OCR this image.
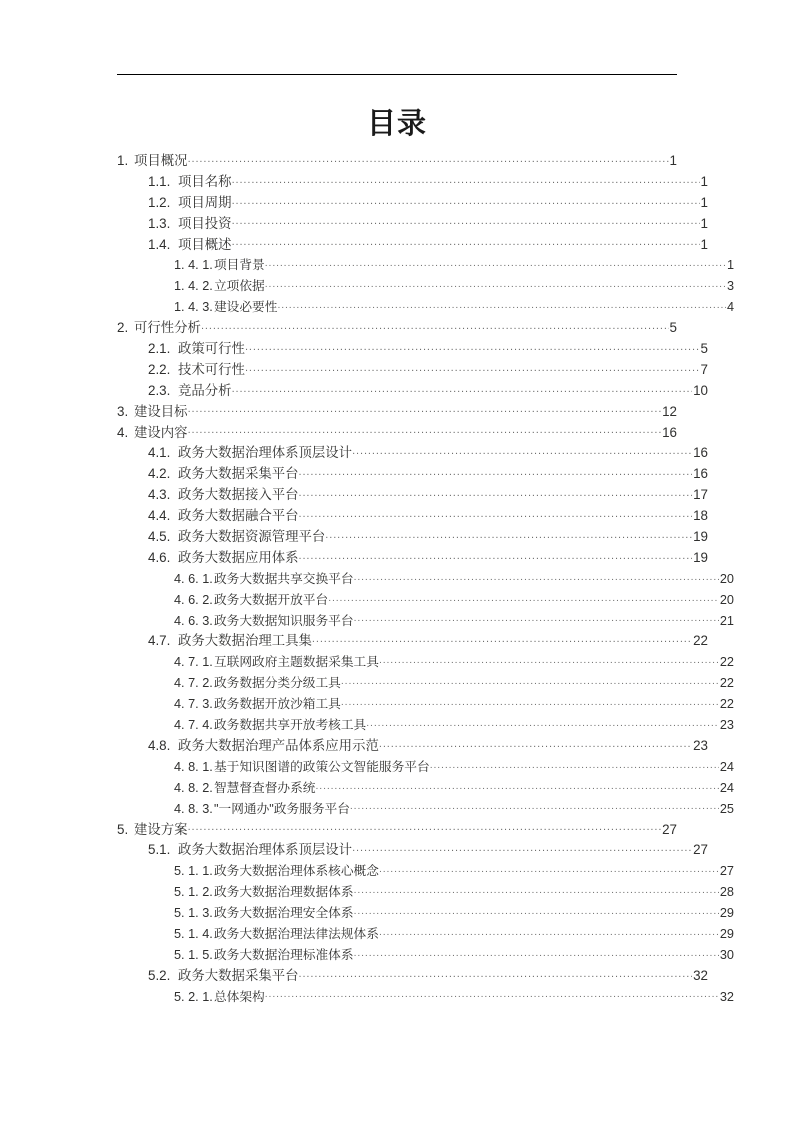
目录
1. 项目概况 .....	1
1.1. 项目名称 .....	1
1.2. 项目周期 .....	1
1.3. 项目投资 .....	1
1.4. 项目概述 .....	1
1. 4. 1. 项目背景 .....	1
1. 4. 2. 立项依据 .....	3
1. 4. 3. 建设必要性 .....	4
2. 可行性分析 .....	5
2.1. 政策可行性 .....	5
2.2. 技术可行性 .....	7
2.3. 竞品分析 .....	10
3. 建设目标 .....	12
4. 建设内容 .....	16
4.1. 政务大数据治理体系顶层设计 .....	16
4.2. 政务大数据采集平台 .....	16
4.3. 政务大数据接入平台 .....	17
4.4. 政务大数据融合平台 .....	18
4.5. 政务大数据资源管理平台 .....	19
4.6. 政务大数据应用体系 .....	19
4. 6. 1. 政务大数据共享交换平台 .....	20
4. 6. 2. 政务大数据开放平台 .....	20
4. 6. 3. 政务大数据知识服务平台 .....	21
4.7. 政务大数据治理工具集 .....	22
4. 7. 1. 互联网政府主题数据采集工具 .....	22
4. 7. 2. 政务数据分类分级工具 .....	22
4. 7. 3. 政务数据开放沙箱工具 .....	22
4. 7. 4. 政务数据共享开放考核工具 .....	23
4.8. 政务大数据治理产品体系应用示范 .....	23
4. 8. 1. 基于知识图谱的政策公文智能服务平台 .....	24
4. 8. 2. 智慧督查督办系统 .....	24
4. 8. 3. "一网通办"政务服务平台 .....	25
5. 建设方案 .....	27
5.1. 政务大数据治理体系顶层设计 .....	27
5. 1. 1. 政务大数据治理体系核心概念 .....	27
5. 1. 2. 政务大数据治理数据体系 .....	28
5. 1. 3. 政务大数据治理安全体系 .....	29
5. 1. 4. 政务大数据治理法律法规体系 .....	29
5. 1. 5. 政务大数据治理标准体系 .....	30
5.2. 政务大数据采集平台 .....	32
5. 2. 1. 总体架构 .....	32
